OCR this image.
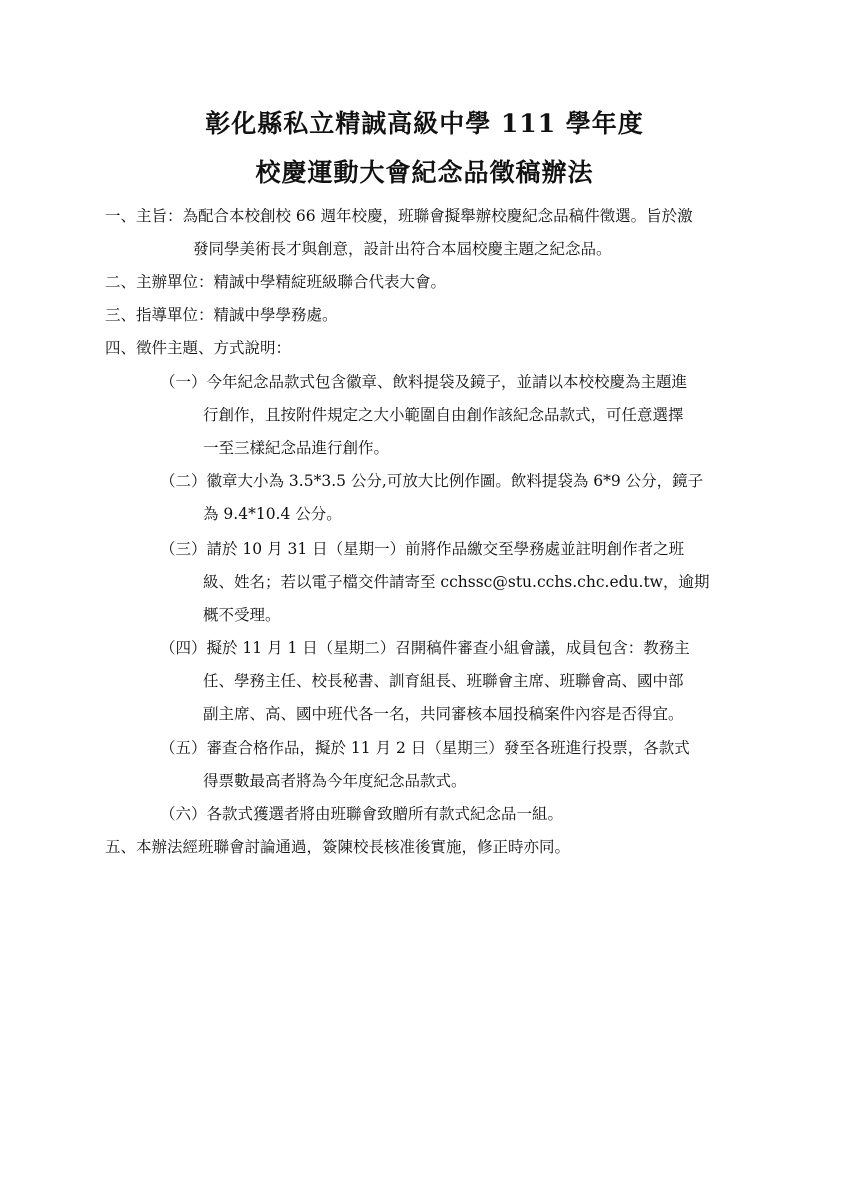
彰化縣私立精誠高級中學 111 學年度
校慶運動大會紀念品徵稿辦法
一、主旨：為配合本校創校 66 週年校慶，班聯會擬舉辦校慶紀念品稿件徵選。旨於激
發同學美術長才與創意，設計出符合本屆校慶主題之紀念品。
二、主辦單位：精誠中學精綻班級聯合代表大會。
三、指導單位：精誠中學學務處。
四、徵件主題、方式說明：
（一）今年紀念品款式包含徽章、飲料提袋及鏡子，並請以本校校慶為主題進
行創作，且按附件規定之大小範圍自由創作該紀念品款式，可任意選擇
一至三樣紀念品進行創作。
（二）徽章大小為 3.5*3.5 公分,可放大比例作圖。飲料提袋為 6*9 公分，鏡子
為 9.4*10.4 公分。
（三）請於 10 月 31 日（星期一）前將作品繳交至學務處並註明創作者之班
級、姓名；若以電子檔交件請寄至 cchssc@stu.cchs.chc.edu.tw，逾期
概不受理。
（四）擬於 11 月 1 日（星期二）召開稿件審查小組會議，成員包含：教務主
任、學務主任、校長秘書、訓育組長、班聯會主席、班聯會高、國中部
副主席、高、國中班代各一名，共同審核本屆投稿案件內容是否得宜。
（五）審查合格作品，擬於 11 月 2 日（星期三）發至各班進行投票，各款式
得票數最高者將為今年度紀念品款式。
（六）各款式獲選者將由班聯會致贈所有款式紀念品一組。
五、本辦法經班聯會討論通過，簽陳校長核准後實施，修正時亦同。
